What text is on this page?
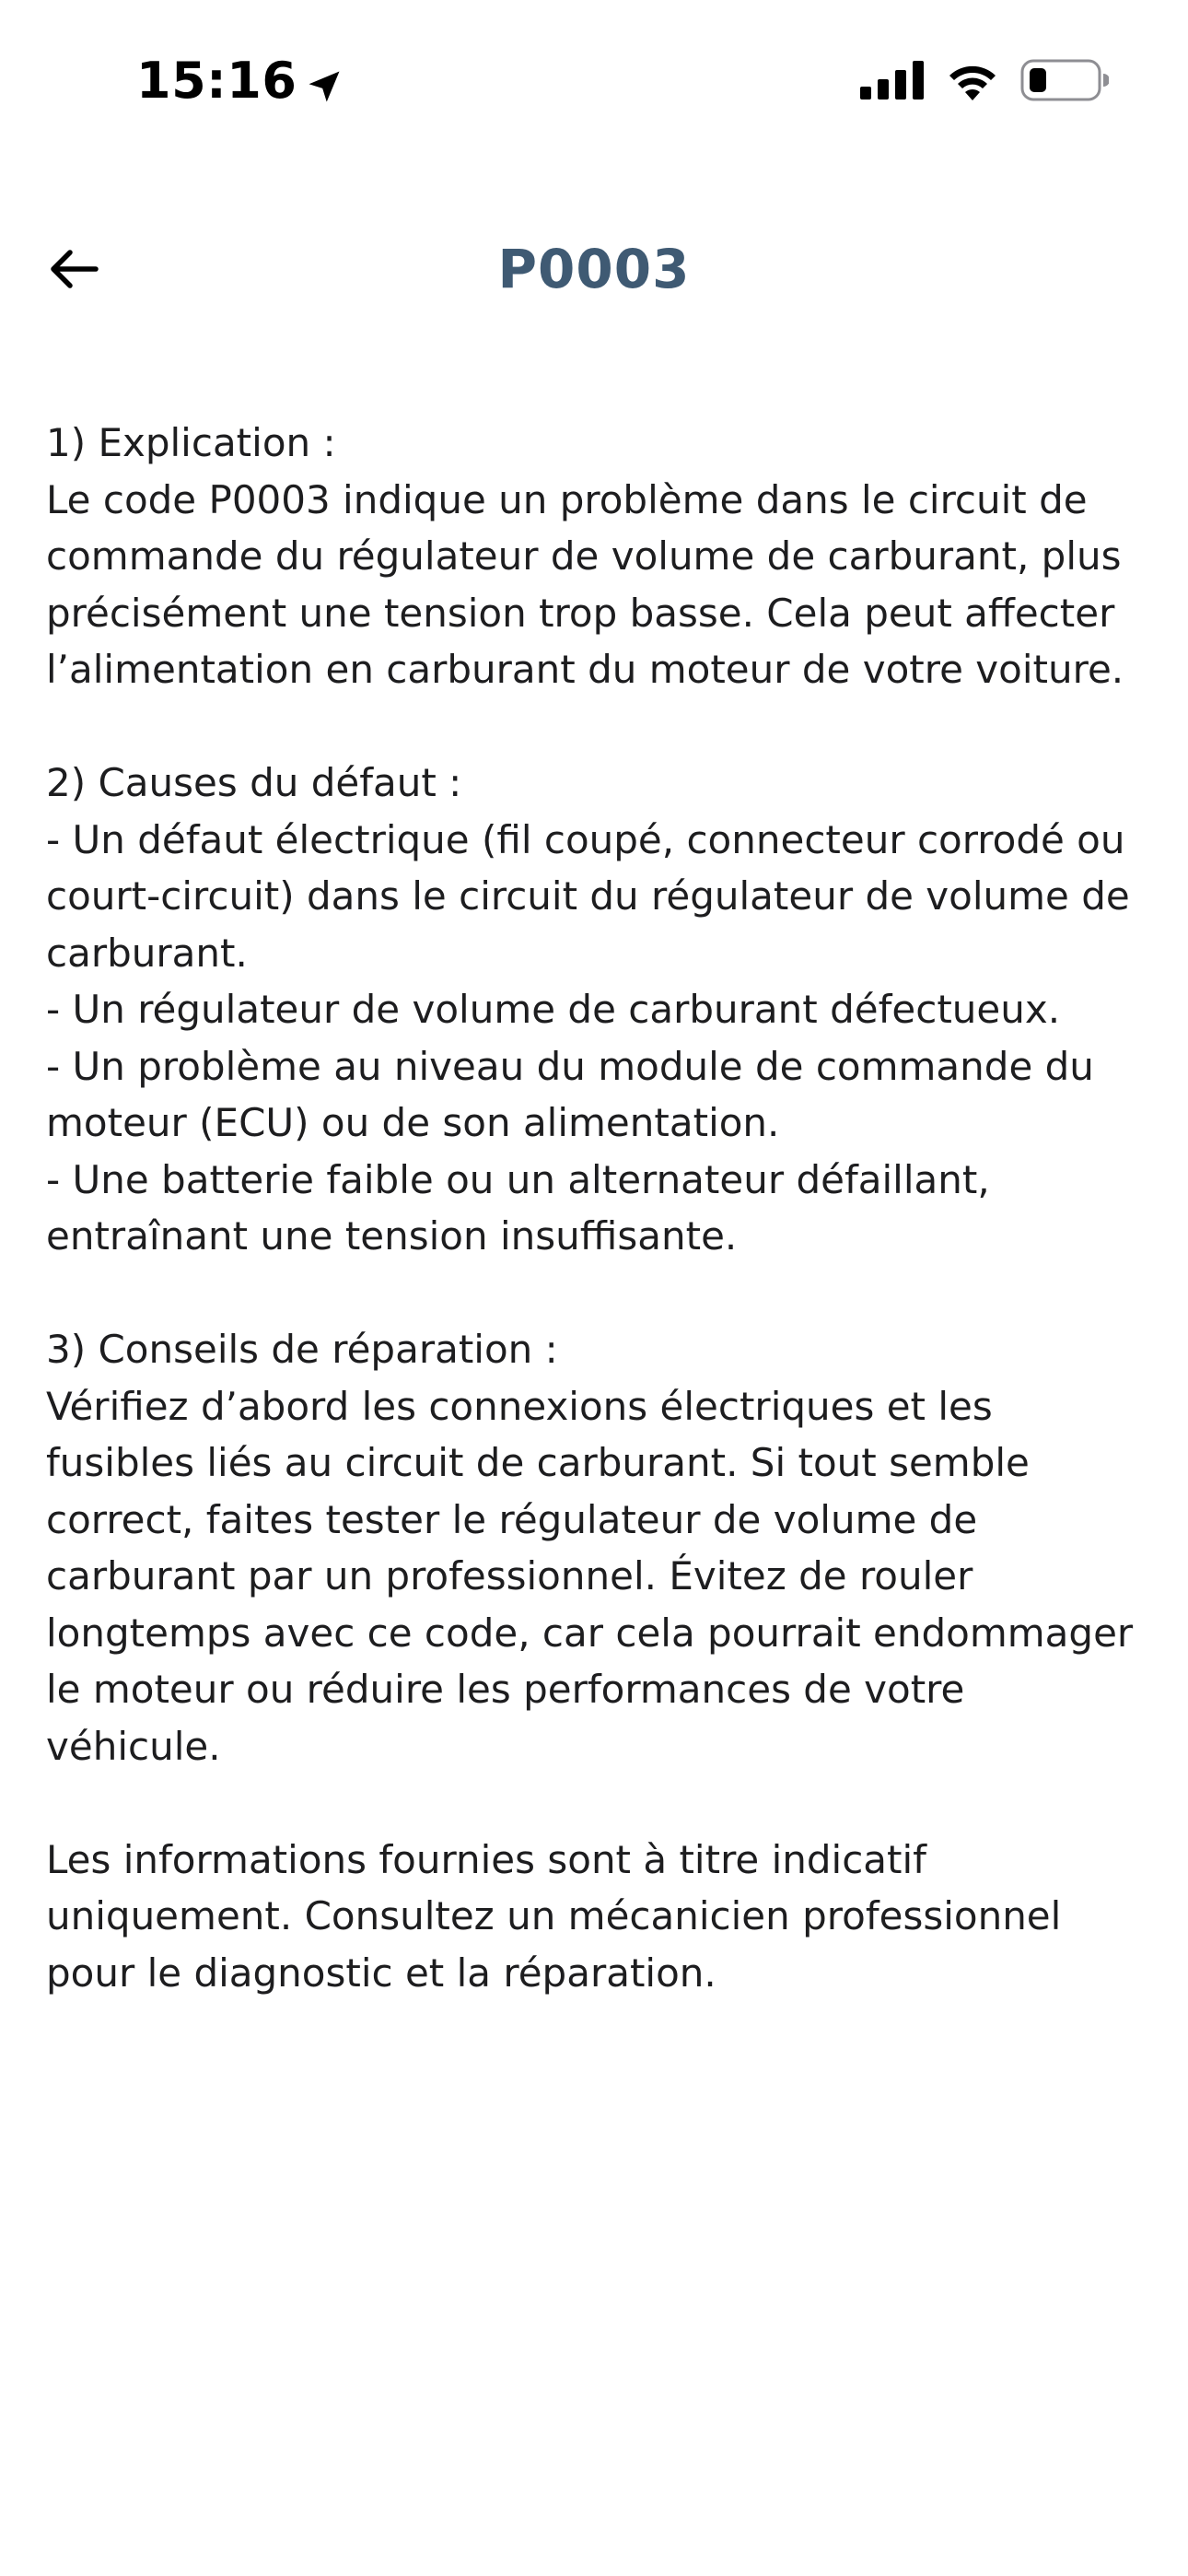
15:16
P0003

1) Explication :

Le code P0003 indique un problème dans le circuit de commande du régulateur de volume de carburant, plus précisément une tension trop basse. Cela peut affecter l’alimentation en carburant du moteur de votre voiture.

2) Causes du défaut :

- Un défaut électrique (fil coupé, connecteur corrodé ou court-circuit) dans le circuit du régulateur de volume de carburant.

- Un régulateur de volume de carburant défectueux.

- Un problème au niveau du module de commande du moteur (ECU) ou de son alimentation.

- Une batterie faible ou un alternateur défaillant, entraînant une tension insuffisante.

3) Conseils de réparation :

Vérifiez d’abord les connexions électriques et les fusibles liés au circuit de carburant. Si tout semble correct, faites tester le régulateur de volume de carburant par un professionnel. Évitez de rouler longtemps avec ce code, car cela pourrait endommager le moteur ou réduire les performances de votre véhicule.

Les informations fournies sont à titre indicatif uniquement. Consultez un mécanicien professionnel pour le diagnostic et la réparation.
